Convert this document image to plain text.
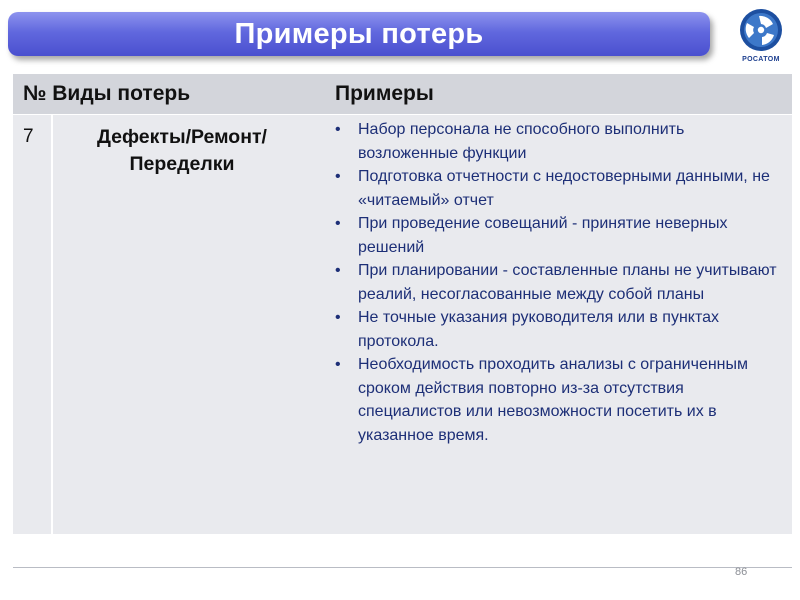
Примеры потерь
РОСАТОМ
№ Виды потерь	Примеры
7	Дефекты/Ремонт/
Переделки
• Набор персонала не способного выполнить возложенные функции
• Подготовка отчетности с недостоверными данными, не «читаемый» отчет
• При проведение совещаний - принятие неверных решений
• При планировании - составленные планы не учитывают реалий, несогласованные между собой планы
• Не точные указания руководителя или в пунктах протокола.
• Необходимость проходить анализы с ограниченным сроком действия повторно из-за отсутствия специалистов или невозможности посетить их в указанное время.
86
